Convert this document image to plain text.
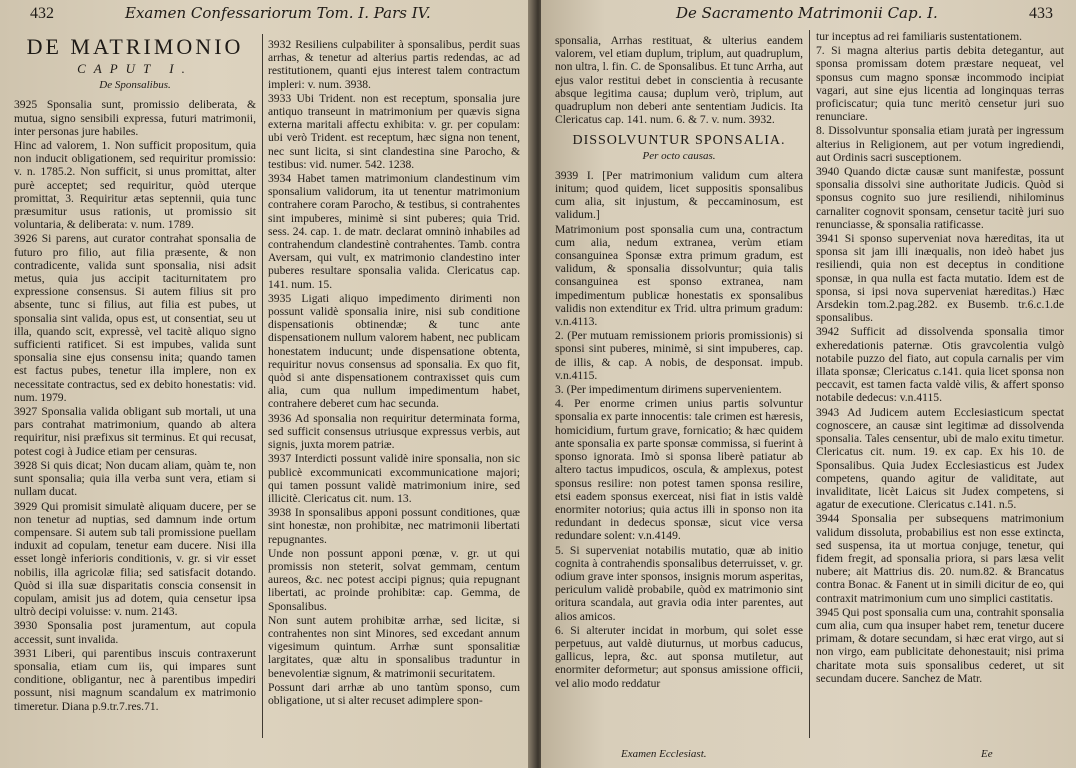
432	Examen Confessariorum Tom. I. Pars IV.
DE MATRIMONIO
CAPUT I.
De Sponsalibus.

3925 Sponsalia sunt, promissio deliberata, & mutua, signo sensibili expressa, futuri matrimonii, inter personas jure habiles.

Hinc ad valorem, 1. Non sufficit propositum, quia non inducit obligationem, sed requiritur promissio: v. n. 1785.2. Non sufficit, si unus promittat, alter purè acceptet; sed requiritur, quòd uterque promittat, 3. Requiritur ætas septennii, quia tunc præsumitur usus rationis, ut promissio sit voluntaria, & deliberata: v. num. 1789.

3926 Si parens, aut curator contrahat sponsalia de futuro pro filio, aut filia præsente, & non contradicente, valida sunt sponsalia, nisi adsit metus, quia jus accipit taciturnitatem pro expressione consensus. Si autem filius sit pro absente, tunc si filius, aut filia est pubes, ut sponsalia sint valida, opus est, ut consentiat, seu ut illa, quando scit, expressè, vel tacitè aliquo signo sufficienti ratificet. Si est impubes, valida sunt sponsalia sine ejus consensu inita; quando tamen est factus pubes, tenetur illa implere, non ex necessitate contractus, sed ex debito honestatis: vid. num. 1979.

3927 Sponsalia valida obligant sub mortali, ut una pars contrahat matrimonium, quando ab altera requiritur, nisi præfixus sit terminus. Et qui recusat, potest cogi à Judice etiam per censuras.

3928 Si quis dicat; Non ducam aliam, quàm te, non sunt sponsalia; quia illa verba sunt vera, etiam si nullam ducat.

3929 Qui promisit simulatè aliquam ducere, per se non tenetur ad nuptias, sed damnum inde ortum compensare. Si autem sub tali promissione puellam induxit ad copulam, tenetur eam ducere. Nisi illa esset longè inferioris conditionis, v. gr. si vir esset nobilis, illa agricolæ filia; sed satisfacit dotando. Quòd si illa suæ disparitatis conscia consensit in copulam, amisit jus ad dotem, quia censetur ipsa ultrò decipi voluisse: v. num. 2143.

3930 Sponsalia post juramentum, aut copula accessit, sunt invalida.

3931 Liberi, qui parentibus inscuis contraxerunt sponsalia, etiam cum iis, qui impares sunt conditione, obligantur, nec à parentibus impediri possunt, nisi magnum scandalum ex matrimonio timeretur. Diana p.9.tr.7.res.71.

3932 Resiliens culpabiliter à sponsalibus, perdit suas arrhas, & tenetur ad alterius partis redendas, ac ad restitutionem, quanti ejus interest talem contractum impleri: v. num. 3938.

3933 Ubi Trident. non est receptum, sponsalia jure antiquo transeunt in matrimonium per quævis signa externa maritali affectu exhibita: v. gr. per copulam: ubi verò Trident. est receptum, hæc signa non tenent, nec sunt licita, si sint clandestina sine Parocho, & testibus: vid. numer. 542. 1238.

3934 Habet tamen matrimonium clandestinum vim sponsalium validorum, ita ut tenentur matrimonium contrahere coram Parocho, & testibus, si contrahentes sint impuberes, minimè si sint puberes; quia Trid. sess. 24. cap. 1. de matr. declarat omninò inhabiles ad contrahendum clandestinè contrahentes. Tamb. contra Aversam, qui vult, ex matrimonio clandestino inter puberes resultare sponsalia valida. Clericatus cap. 141. num. 15.

3935 Ligati aliquo impedimento dirimenti non possunt validè sponsalia inire, nisi sub conditione dispensationis obtinendæ; & tunc ante dispensationem nullum valorem habent, nec publicam honestatem inducunt; unde dispensatione obtenta, requiritur novus consensus ad sponsalia. Ex quo fit, quòd si ante dispensationem contraxisset quis cum alia, cum qua nullum impedimentum habet, contrahere deberet cum hac secunda.

3936 Ad sponsalia non requiritur determinata forma, sed sufficit consensus utriusque expressus verbis, aut signis, juxta morem patriæ.

3937 Interdicti possunt validè inire sponsalia, non sic publicè excommunicati excommunicatione majori; qui tamen possunt validè matrimonium inire, sed illicitè. Clericatus cit. num. 13.

3938 In sponsalibus apponi possunt conditiones, quæ sint honestæ, non prohibitæ, nec matrimonii libertati repugnantes.

Unde non possunt apponi pœnæ, v. gr. ut qui promissis non steterit, solvat gemmam, centum aureos, &c. nec potest accipi pignus; quia repugnant libertati, ac proinde prohibitæ: cap. Gemma, de Sponsalibus.

Non sunt autem prohibitæ arrhæ, sed licitæ, si contrahentes non sint Minores, sed excedant annum vigesimum quintum. Arrhæ sunt sponsalitiæ largitates, quæ altu in sponsalibus traduntur in benevolentiæ signum, & matrimonii securitatem.

Possunt dari arrhæ ab uno tantùm sponso, cum obligatione, ut si alter recuset adimplere spon-

De Sacramento Matrimonii Cap. I.	433

sponsalia, Arrhas restituat, & ulterius eandem valorem, vel etiam duplum, triplum, aut quadruplum, non ultra, l. fin. C. de Sponsalibus. Et tunc Arrha, aut ejus valor restitui debet in conscientia à recusante absque legitima causa; duplum verò, triplum, aut quadruplum non deberi ante sententiam Judicis. Ita Clericatus cap. 141. num. 6. & 7. v. num. 3932.

DISSOLVUNTUR SPONSALIA.
Per octo causas.

3939 I. [Per matrimonium validum cum altera initum; quod quidem, licet suppositis sponsalibus cum alia, sit injustum, & peccaminosum, est validum.]

Matrimonium post sponsalia cum una, contractum cum alia, nedum extranea, verùm etiam consanguinea Sponsæ extra primum gradum, est validum, & sponsalia dissolvuntur; quia talis consanguinea est sponso extranea, nam impedimentum publicæ honestatis ex sponsalibus validis non extenditur ex Trid. ultra primum gradum: v.n.4113.

2. (Per mutuam remissionem prioris promissionis) si sponsi sint puberes, minimè, si sint impuberes, cap. de illis, & cap. A nobis, de desponsat. impub. v.n.4115.

3. (Per impedimentum dirimens supervenientem.

4. Per enorme crimen unius partis solvuntur sponsalia ex parte innocentis: tale crimen est hæresis, homicidium, furtum grave, fornicatio; & hæc quidem ante sponsalia ex parte sponsæ commissa, si fuerint à sponso ignorata. Imò si sponsa liberè patiatur ab altero tactus impudicos, oscula, & amplexus, potest sponsus resilire: non potest tamen sponsa resilire, etsi eadem sponsus exerceat, nisi fiat in istis valdè enormiter notorius; quia actus illi in sponso non ita redundant in dedecus sponsæ, sicut vice versa redundare solent: v.n.4149.

5. Si superveniat notabilis mutatio, quæ ab initio cognita à contrahendis sponsalibus deterruisset, v. gr. odium grave inter sponsos, insignis morum asperitas, periculum validè probabile, quòd ex matrimonio sint oritura scandala, aut gravia odia inter parentes, aut alios amicos.

6. Si alteruter incidat in morbum, qui solet esse perpetuus, aut valdè diuturnus, ut morbus caducus, gallicus, lepra, &c. aut sponsa mutiletur, aut enormiter deformetur; aut sponsus amissione officii, vel alio modo reddatur

Examen Ecclesiast.

tur inceptus ad rei familiaris sustentationem.

7. Si magna alterius partis debita detegantur, aut sponsa promissam dotem præstare nequeat, vel sponsus cum magno sponsæ incommodo incipiat vagari, aut sine ejus licentia ad longinquas terras proficiscatur; quia tunc meritò censetur juri suo renunciare.

8. Dissolvuntur sponsalia etiam juratà per ingressum alterius in Religionem, aut per votum ingrediendi, aut Ordinis sacri susceptionem.

3940 Quando dictæ causæ sunt manifestæ, possunt sponsalia dissolvi sine authoritate Judicis. Quòd si sponsus cognito suo jure resiliendi, nihilominus carnaliter cognovit sponsam, censetur tacitè juri suo renunciasse, & sponsalia ratificasse.

3941 Si sponso superveniat nova hæreditas, ita ut sponsa sit jam illi inæqualis, non ideò habet jus resiliendi, quia non est deceptus in conditione sponsæ, in qua nulla est facta mutatio. Idem est de sponsa, si ipsi nova superveniat hæreditas.) Hæc Arsdekin tom.2.pag.282. ex Busemb. tr.6.c.1.de sponsalibus.

3942 Sufficit ad dissolvenda sponsalia timor exheredationis paternæ. Otis gravcolentia vulgò notabile puzzo del fiato, aut copula carnalis per vim illata sponsæ; Clericatus c.141. quia licet sponsa non peccavit, est tamen facta valdè vilis, & affert sponso notabile dedecus: v.n.4115.

3943 Ad Judicem autem Ecclesiasticum spectat cognoscere, an causæ sint legitimæ ad dissolvenda sponsalia. Tales censentur, ubi de malo exitu timetur. Clericatus cit. num. 19. ex cap. Ex his 10. de Sponsalibus. Quia Judex Ecclesiasticus est Judex competens, quando agitur de validitate, aut invaliditate, licèt Laicus sit Judex competens, si agatur de executione. Clericatus c.141. n.5.

3944 Sponsalia per subsequens matrimonium validum dissoluta, probabilius est non esse extincta, sed suspensa, ita ut mortua conjuge, tenetur, qui fidem fregit, ad sponsalia priora, si pars læsa velit nubere; ait Mattrius dis. 20. num.82. & Brancatus contra Bonac. & Fanent ut in simili dicitur de eo, qui contraxit matrimonium cum uno simplici castitatis.

3945 Qui post sponsalia cum una, contrahit sponsalia cum alia, cum qua insuper habet rem, tenetur ducere primam, & dotare secundam, si hæc erat virgo, aut si non virgo, eam publicitate dehonestauit; nisi prima charitate mota suis sponsalibus cederet, ut sit secundam ducere. Sanchez de Matr.

Ee
